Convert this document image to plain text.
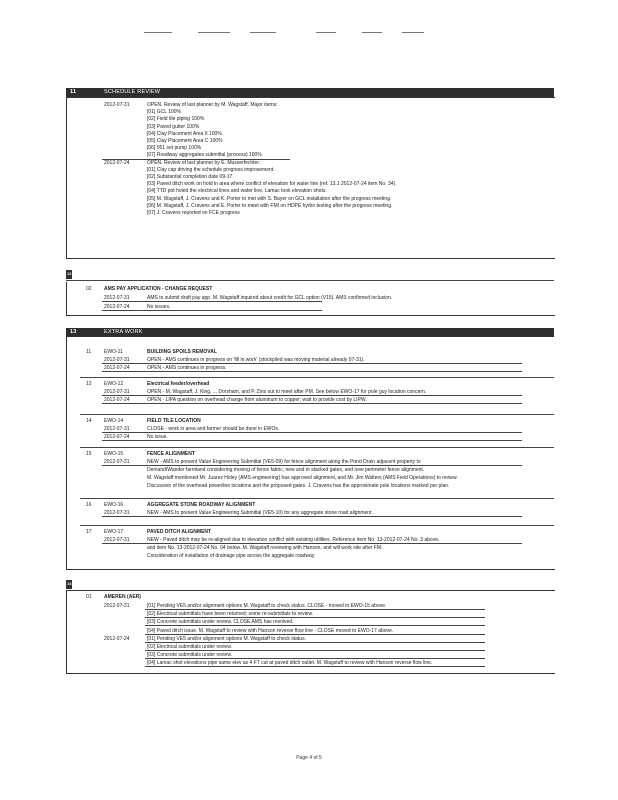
11	SCHEDULE REVIEW
2012-07-31	OPEN. Review of last planner by M. Wagstaff. Major items:
[01] GCL 100%
[02] Field tile piping 100%
[03] Paved gutter 100%
[04] Clay Placement Area II 100%
[05] Clay Placement Area C 100%
[06] 051 set pump 100%
[07] Roadway aggregates submittal (process) 100%
2012-07-24	OPEN. Review of last planner by E. Musserfechter.
[01] Clay cap driving the schedule progress improvement.
[02] Substantial completion date 09-17.
[03] Paved ditch work on hold in area where conflict of elevation for water line (ref. 13.1 2012-07-24 item No. 34).
[04] TTD pot holed the electrical lines and water line. Lamac took elevation shots.
[05] M. Wagstaff, J. Cravens and K. Porter to met with S. Bayer on GCL installation after the progress meeting.
[06] M. Wagstaff, J. Cravens and E. Porter to meet with FMI on HDPE hydro testing after the progress meeting.
[07] J. Cravens reported on FCE progress
12
02 AMS PAY APPLICATION - CHANGE REQUEST
2012-07-31	AMS to submit draft pay app. M. Wagstaff inquired about credit for GCL option (V15). AMS confirmed inclusion.
2012-07-24	No issues.
13	EXTRA WORK
11	EWO-11	BUILDING SPOILS REMOVAL
2012-07-31	OPEN - AMS continues in progress on 'fill in work' (stockpiled was moving material already 07-31).
2012-07-24	OPEN - AMS continues in progress.
12 EWO-12	Electrical feeder/overhead
2012-07-31	OPEN - M. Wagstaff, J. King, ... Dorsham, and P. Zins out to meet after PM. See below EWO-17 for pole guy location concern.
2012-07-24	OPEN - LIPA question on overhead change from aluminum to copper; wait to provide cost by LIPW.
14 EWO-14	FIELD TILE LOCATION
2012-07-31	CLOSE - work in area and farmer should be done in EWOs.
2012-07-24	No issue.
15 EWO-15	FENCE ALIGNMENT
2012-07-31	NEW - AMS to present Value Engineering Submittal (VE5-09) for fence alignment along the Pond Drain adjacent property to
Demand/Wander farmland considering moving of fence fabric, new and in stacked gates, and new perimeter fence alignment.
M. Wagstaff mentioned Mr. Juarez Holey (AMS engineering) has approved alignment, and Mr. Jim Walters (AMS Field Operations) to review.
Discussion of the overhead powerline locations and the proposed gates. J. Cravens has the approximate pole locations marked per plan.
16 EWO-16	AGGREGATE STONE ROADWAY ALIGNMENT
2012-07-31	NEW - AMS to present Value Engineering Submittal (VE5-10) for any aggregate stone road alignment.
17 EWO-17	PAVED DITCH ALIGNMENT
2012-07-31	NEW - Paved ditch may be re-aligned due to elevation conflict with existing utilities. Reference item No. 13-2012-07-24 No. 3 above,
and item No. 13-2012-07-24 No. 04 below. M. Wagstaff reviewing with Hanson, and will work site after FM.
Consideration of installation of drainage pipe across the aggregate roadway.
14
01 AMEREN (AER)
2012-07-31	[01] Pending VE5 and/or alignment options M. Wagstaff to check status. CLOSE - moved to EWO-15 above.
[02] Electrical submittals have been returned; some re-submittals to review.
[03] Concrete submittals under review. CLOSE AMS has resolved.
[04] Paved ditch issue. M. Wagstaff to review with Hanson reverse flow line - CLOSE moved to EWO-17 above.
2012-07-24	[01] Pending VE5 and/or alignment options M. Wagstaff to check status.
[02] Electrical submittals under review.
[03] Concrete submittals under review.
[04] Lamac shot elevations pipe same elev as 4 FT cut at paved ditch outlet. M. Wagstaff to review with Hanson reverse flow line.
Page 4 of 5
